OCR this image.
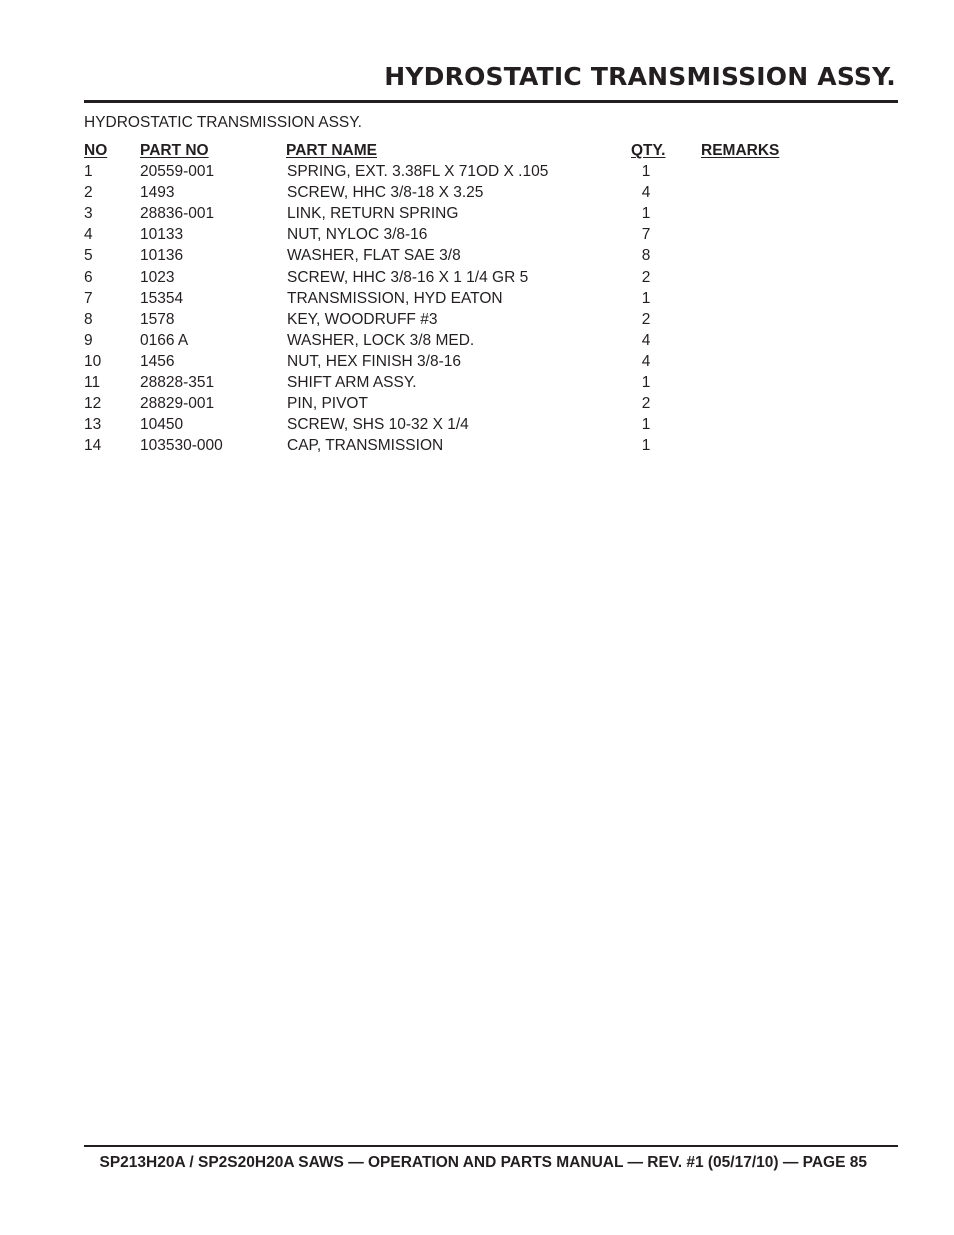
HYDROSTATIC TRANSMISSION ASSY.
HYDROSTATIC TRANSMISSION ASSY.
NO PART NO	PART NAME	QTY. REMARKS
1	20559-001	SPRING, EXT. 3.38FL X 71OD X .105	1
2	1493	SCREW, HHC 3/8-18 X 3.25	4
3	28836-001	LINK, RETURN SPRING	1
4	10133	NUT, NYLOC 3/8-16	7
5	10136	WASHER, FLAT SAE 3/8	8
6	1023	SCREW, HHC 3/8-16 X 1 1/4 GR 5	2
7	15354	TRANSMISSION, HYD EATON	1
8	1578	KEY, WOODRUFF #3	2
9	0166 A	WASHER, LOCK 3/8 MED.	4
10	1456	NUT, HEX FINISH 3/8-16	4
11	28828-351	SHIFT ARM ASSY.	1
12	28829-001	PIN, PIVOT	2
13	10450	SCREW, SHS 10-32 X 1/4	1
14	103530-000	CAP, TRANSMISSION	1
SP213H20A / SP2S20H20A SAWS — OPERATION AND PARTS MANUAL — REV. #1 (05/17/10) — PAGE 85
